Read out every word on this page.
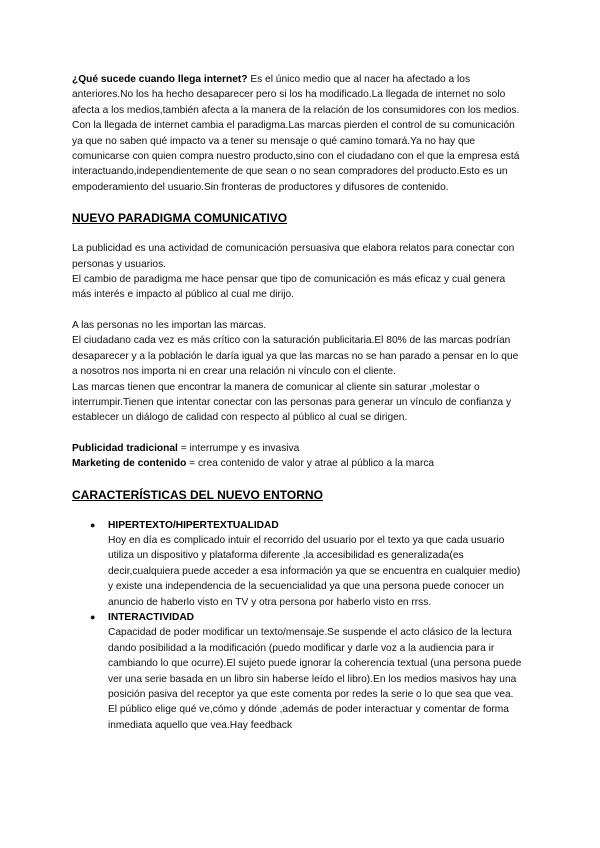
¿Qué sucede cuando llega internet? Es el único medio que al nacer ha afectado a los anteriores.No los ha hecho desaparecer pero si los ha modificado.La llegada de internet no solo afecta a los medios,también afecta a la manera de la relación de los consumidores con los medios.

Con la llegada de internet cambia el paradigma.Las marcas pierden el control de su comunicación ya que no saben qué impacto va a tener su mensaje o qué camino tomará.Ya no hay que comunicarse con quien compra nuestro producto,sino con el ciudadano con el que la empresa está interactuando,independientemente de que sean o no sean compradores del producto.Esto es un empoderamiento del usuario.Sin fronteras de productores y difusores de contenido.

NUEVO PARADIGMA COMUNICATIVO

La publicidad es una actividad de comunicación persuasiva que elabora relatos para conectar con personas y usuarios.

El cambio de paradigma me hace pensar que tipo de comunicación es más eficaz y cual genera más interés e impacto al público al cual me dirijo.

A las personas no les importan las marcas.

El ciudadano cada vez es más crítico con la saturación publicitaria.El 80% de las marcas podrían desaparecer y a la población le daría igual ya que las marcas no se han parado a pensar en lo que a nosotros nos importa ni en crear una relación ni vínculo con el cliente.

Las marcas tienen que encontrar la manera de comunicar al cliente sin saturar ,molestar o interrumpir.Tienen que intentar conectar con las personas para generar un vínculo de confianza y establecer un diálogo de calidad con respecto al público al cual se dirigen.

Publicidad tradicional = interrumpe y es invasiva

Marketing de contenido = crea contenido de valor y atrae al público a la marca

CARACTERÍSTICAS DEL NUEVO ENTORNO
● HIPERTEXTO/HIPERTEXTUALIDAD

Hoy en día es complicado intuir el recorrido del usuario por el texto ya que cada usuario utiliza un dispositivo y plataforma diferente ,la accesibilidad es generalizada(es decir,cualquiera puede acceder a esa información ya que se encuentra en cualquier medio) y existe una independencia de la secuencialidad ya que una persona puede conocer un anuncio de haberlo visto en TV y otra persona por haberlo visto en rrss.

● INTERACTIVIDAD

Capacidad de poder modificar un texto/mensaje.Se suspende el acto clásico de la lectura dando posibilidad a la modificación (puedo modificar y darle voz a la audiencia para ir cambiando lo que ocurre).El sujeto puede ignorar la coherencia textual (una persona puede ver una serie basada en un libro sin haberse leído el libro).En los medios masivos hay una posición pasiva del receptor ya que este comenta por redes la serie o lo que sea que vea.

El público elige qué ve,cómo y dónde ,además de poder interactuar y comentar de forma inmediata aquello que vea.Hay feedback
